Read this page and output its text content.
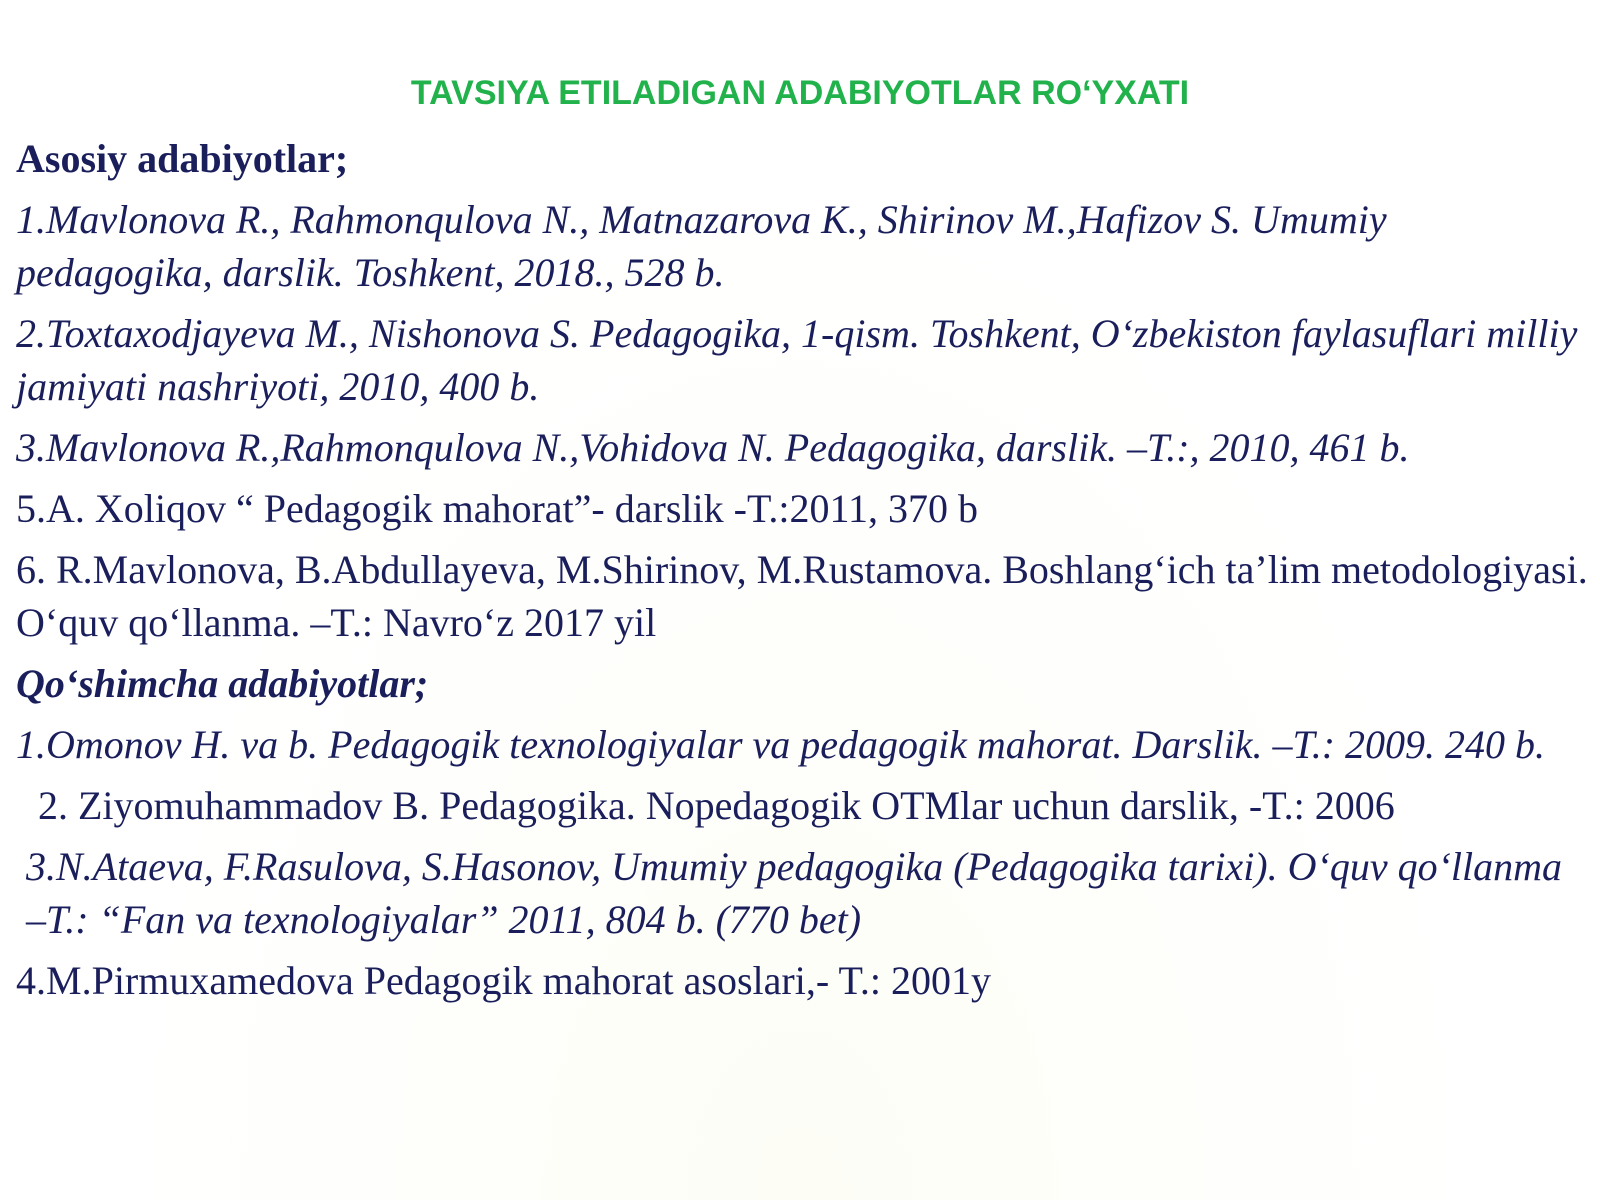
TAVSIYA ETILADIGAN ADABIYOTLAR RO‘YXATI
Asosiy adabiyotlar;
1.Mavlonova R., Rahmonqulova N., Matnazarova K., Shirinov M.,Hafizov S. Umumiy pedagogika, darslik. Toshkent, 2018., 528 b.
2.Toxtaxodjayeva M., Nishonova S. Pedagogika, 1-qism. Toshkent, O‘zbekiston faylasuflari milliy jamiyati nashriyoti, 2010, 400 b.
3.Mavlonova R.,Rahmonqulova N.,Vohidova N. Pedagogika, darslik. –T.:, 2010, 461 b.
5.A. Xoliqov “ Pedagogik mahorat”- darslik -T.:2011, 370 b
6. R.Mavlonova, B.Abdullayeva, M.Shirinov, M.Rustamova. Boshlang‘ich ta’lim metodologiyasi. O‘quv qo‘llanma. –T.: Navro‘z 2017 yil
Qo‘shimcha adabiyotlar;
1.Omonov H. va b. Pedagogik texnologiyalar va pedagogik mahorat. Darslik. –T.: 2009. 240 b.
2. Ziyomuhammadov B. Pedagogika. Nopedagogik OTMlar uchun darslik, -T.: 2006
3.N.Ataeva, F.Rasulova, S.Hasonov, Umumiy pedagogika (Pedagogika tarixi). O‘quv qo‘llanma –T.: “Fan va texnologiyalar” 2011, 804 b. (770 bet)
4.M.Pirmuxamedova Pedagogik mahorat asoslari,- T.: 2001y
